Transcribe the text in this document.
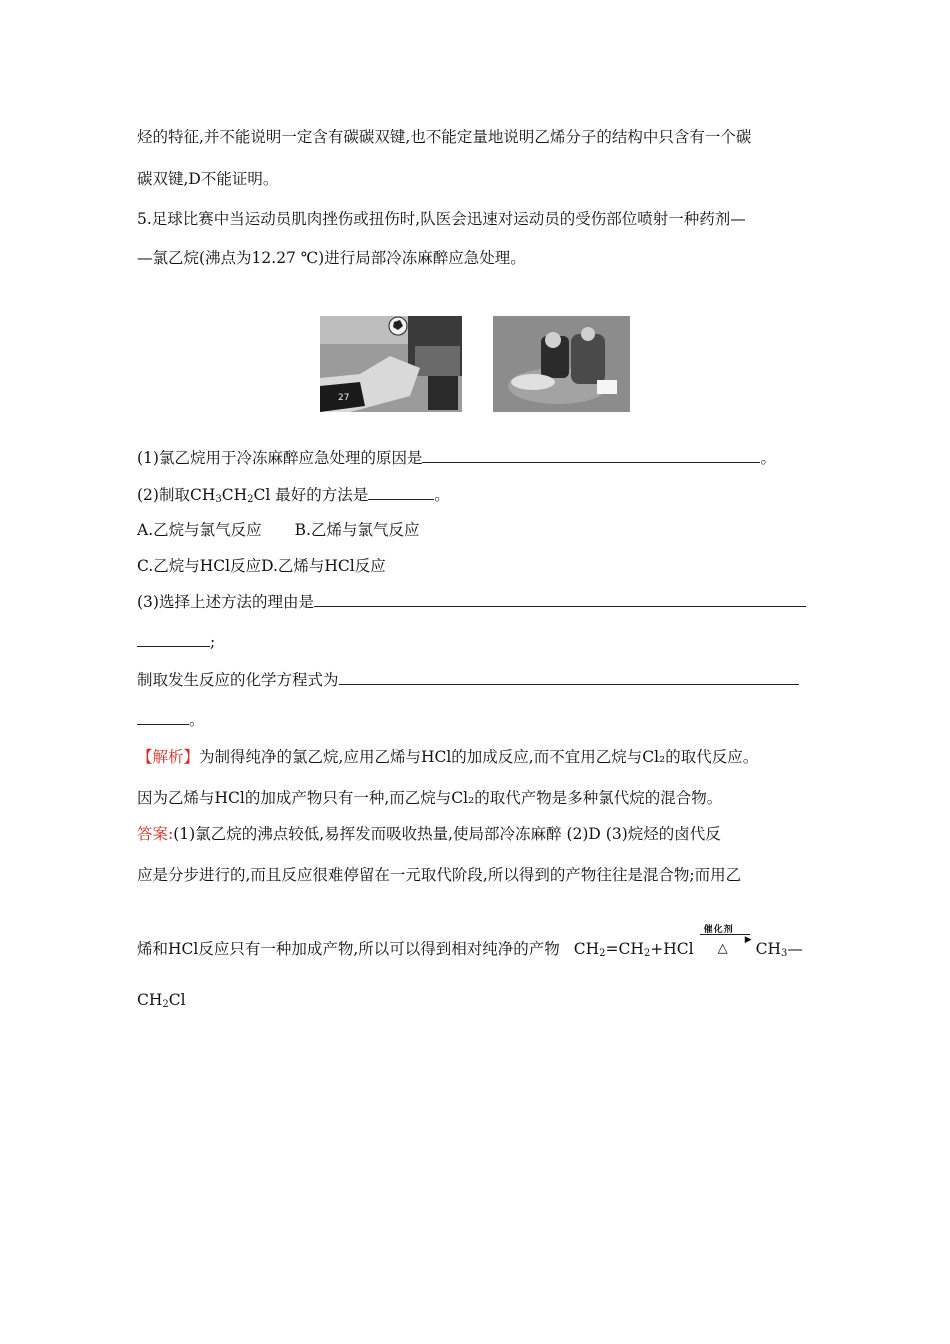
烃的特征,并不能说明一定含有碳碳双键,也不能定量地说明乙烯分子的结构中只含有一个碳
碳双键,D不能证明。
5.足球比赛中当运动员肌肉挫伤或扭伤时,队医会迅速对运动员的受伤部位喷射一种药剂—
—氯乙烷(沸点为12.27 ℃)进行局部冷冻麻醉应急处理。
27
(1)氯乙烷用于冷冻麻醉应急处理的原因是	。
(2)制取$CH_3CH_2Cl$ 最好的方法是	。
A.乙烷与氯气反应 B.乙烯与氯气反应
C.乙烷与HCl反应D.乙烯与HCl反应
(3)选择上述方法的理由是
;
制取发生反应的化学方程式为
。
【解析】为制得纯净的氯乙烷,应用乙烯与HCl的加成反应,而不宜用乙烷与Cl₂的取代反应。
因为乙烯与HCl的加成产物只有一种,而乙烷与Cl₂的取代产物是多种氯代烷的混合物。
答案:(1)氯乙烷的沸点较低,易挥发而吸收热量,使局部冷冻麻醉 (2)D (3)烷烃的卤代反
应是分步进行的,而且反应很难停留在一元取代阶段,所以得到的产物往往是混合物;而用乙
烯和HCl反应只有一种加成产物,所以可以得到相对纯净的产物 $CH_2=CH_2+HCl$
催化剂
▶
△ $CH_3—$
$CH_2Cl$
